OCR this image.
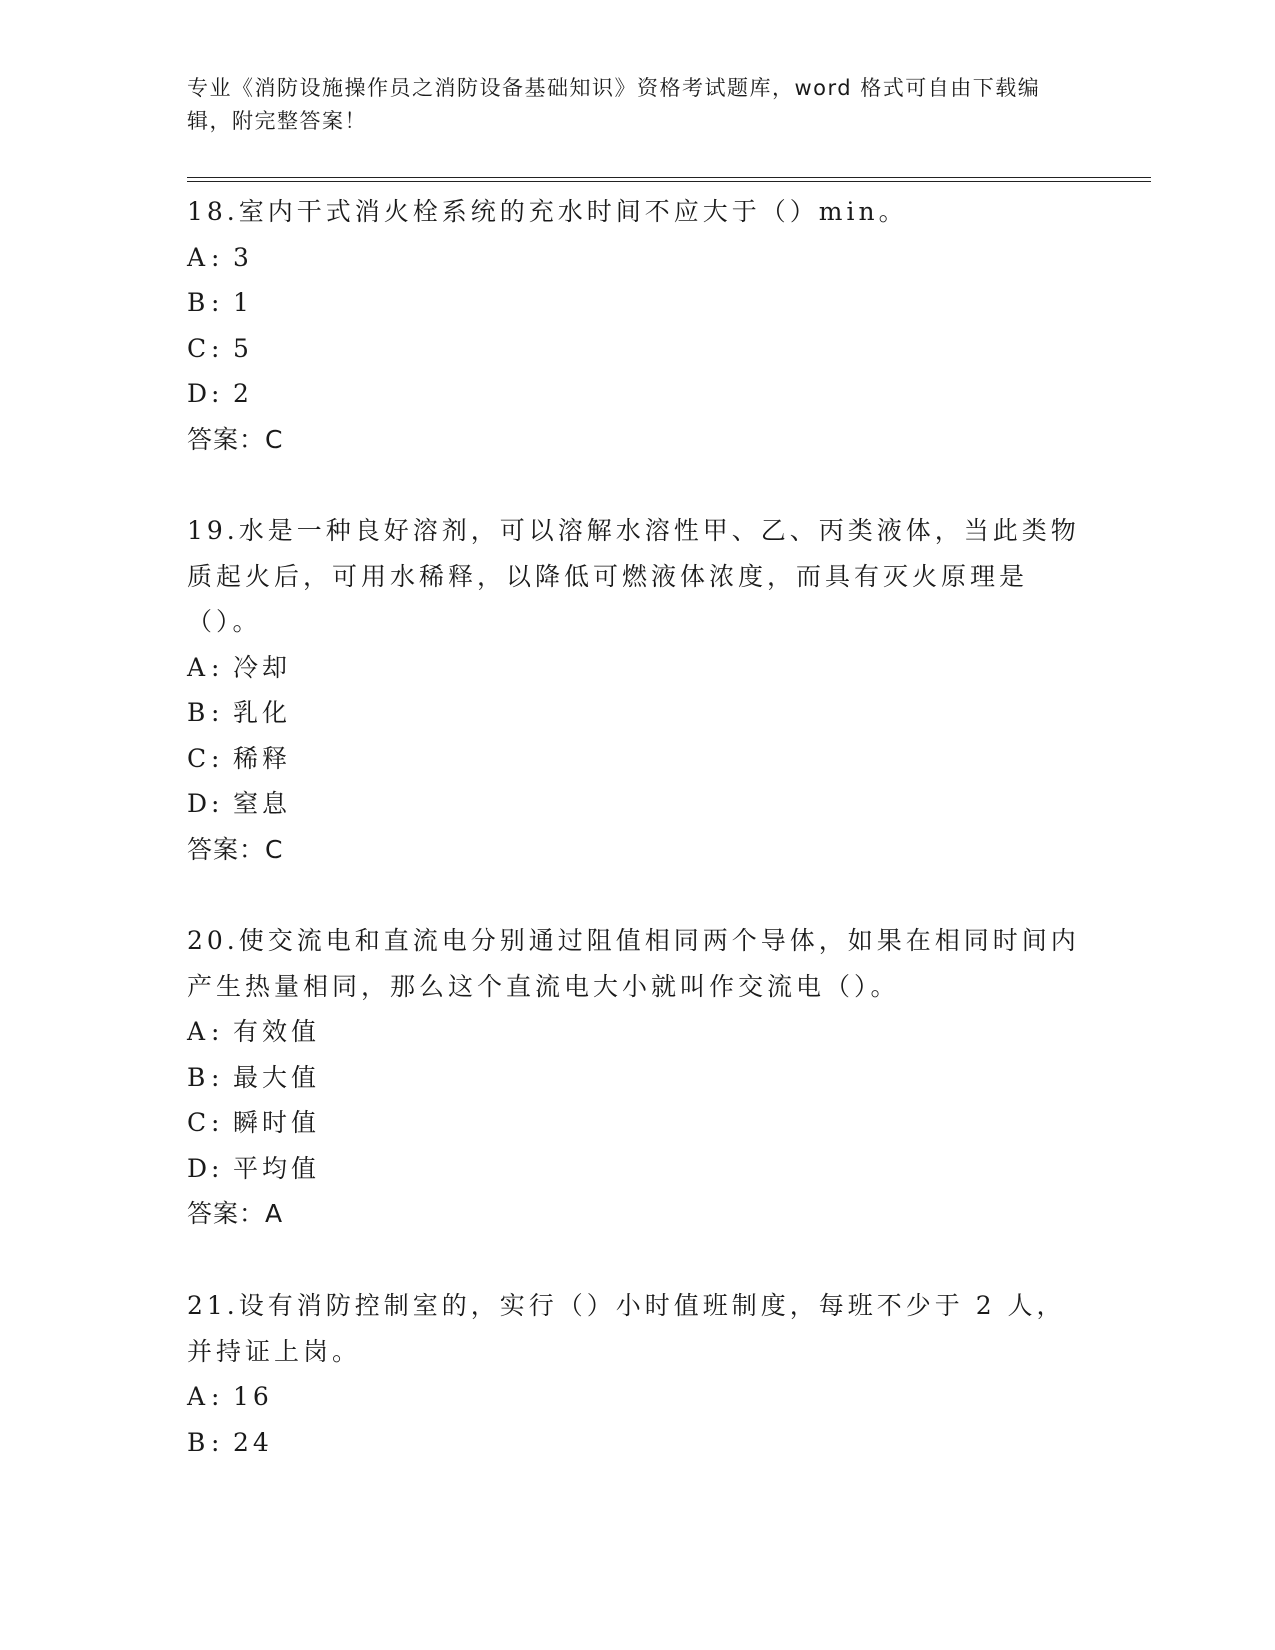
专业《消防设施操作员之消防设备基础知识》资格考试题库，word 格式可自由下载编辑，附完整答案！

18.室内干式消火栓系统的充水时间不应大于（）min。

A : 3

B : 1

C : 5

D : 2

答案：C

19.水是一种良好溶剂，可以溶解水溶性甲、乙、丙类液体，当此类物质起火后，可用水稀释，以降低可燃液体浓度，而具有灭火原理是（）。

A : 冷却

B : 乳化

C : 稀释

D : 窒息

答案：C

20.使交流电和直流电分别通过阻值相同两个导体，如果在相同时间内产生热量相同，那么这个直流电大小就叫作交流电（）。

A : 有效值

B : 最大值

C : 瞬时值

D : 平均值

答案：A

21.设有消防控制室的，实行（）小时值班制度，每班不少于 2 人，并持证上岗。

A : 16

B : 24
